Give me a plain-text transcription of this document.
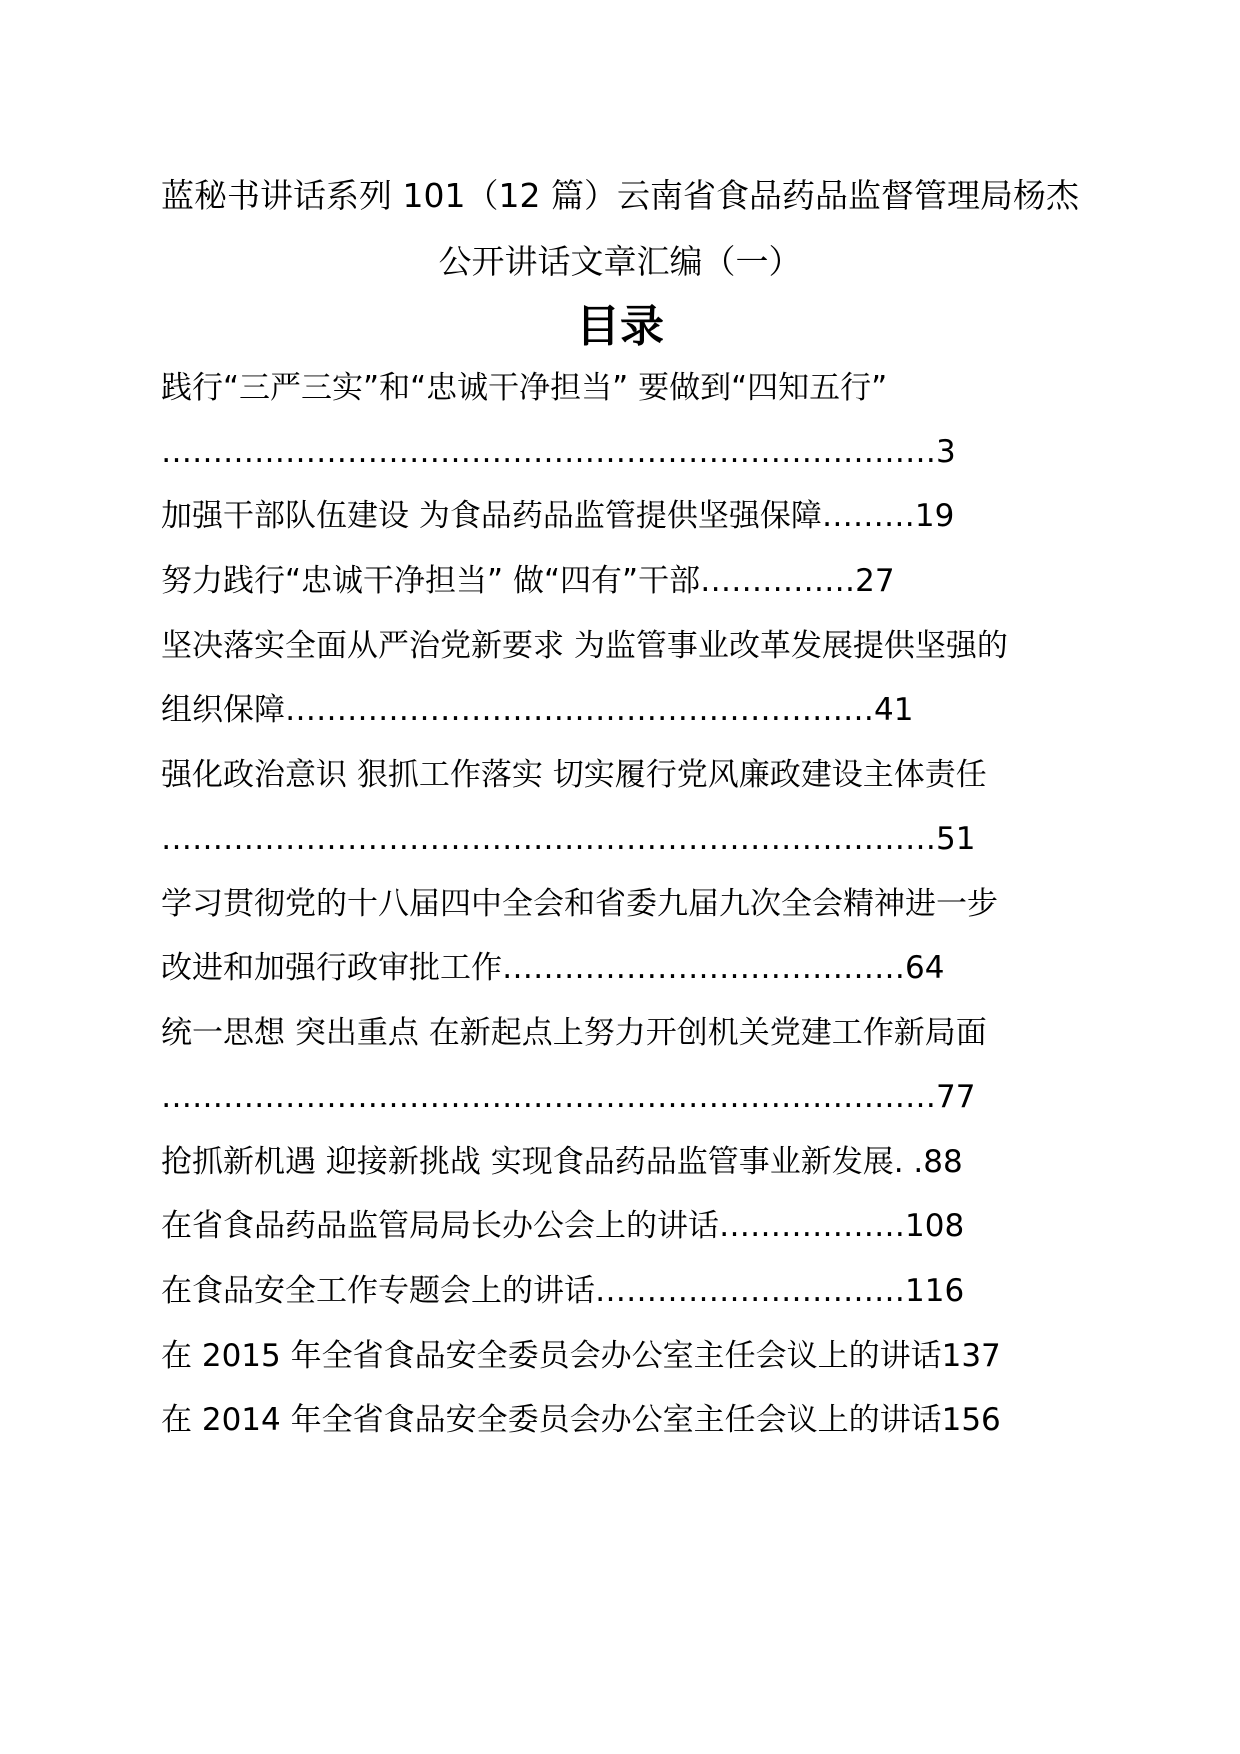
蓝秘书讲话系列 101（12 篇）云南省食品药品监督管理局杨杰
公开讲话文章汇编（一）
目录
践行“三严三实”和“忠诚干净担当” 要做到“四知五行”
…………………………………………………………………3
加强干部队伍建设 为食品药品监管提供坚强保障………19
努力践行“忠诚干净担当” 做“四有”干部……………27
坚决落实全面从严治党新要求 为监管事业改革发展提供坚强的
组织保障…………………………………………………41
强化政治意识 狠抓工作落实 切实履行党风廉政建设主体责任
…………………………………………………………………51
学习贯彻党的十八届四中全会和省委九届九次全会精神进一步
改进和加强行政审批工作…………………………………64
统一思想 突出重点 在新起点上努力开创机关党建工作新局面
…………………………………………………………………77
抢抓新机遇 迎接新挑战 实现食品药品监管事业新发展. .88
在省食品药品监管局局长办公会上的讲话………………108
在食品安全工作专题会上的讲话…………………………116
在 2015 年全省食品安全委员会办公室主任会议上的讲话137
在 2014 年全省食品安全委员会办公室主任会议上的讲话156
